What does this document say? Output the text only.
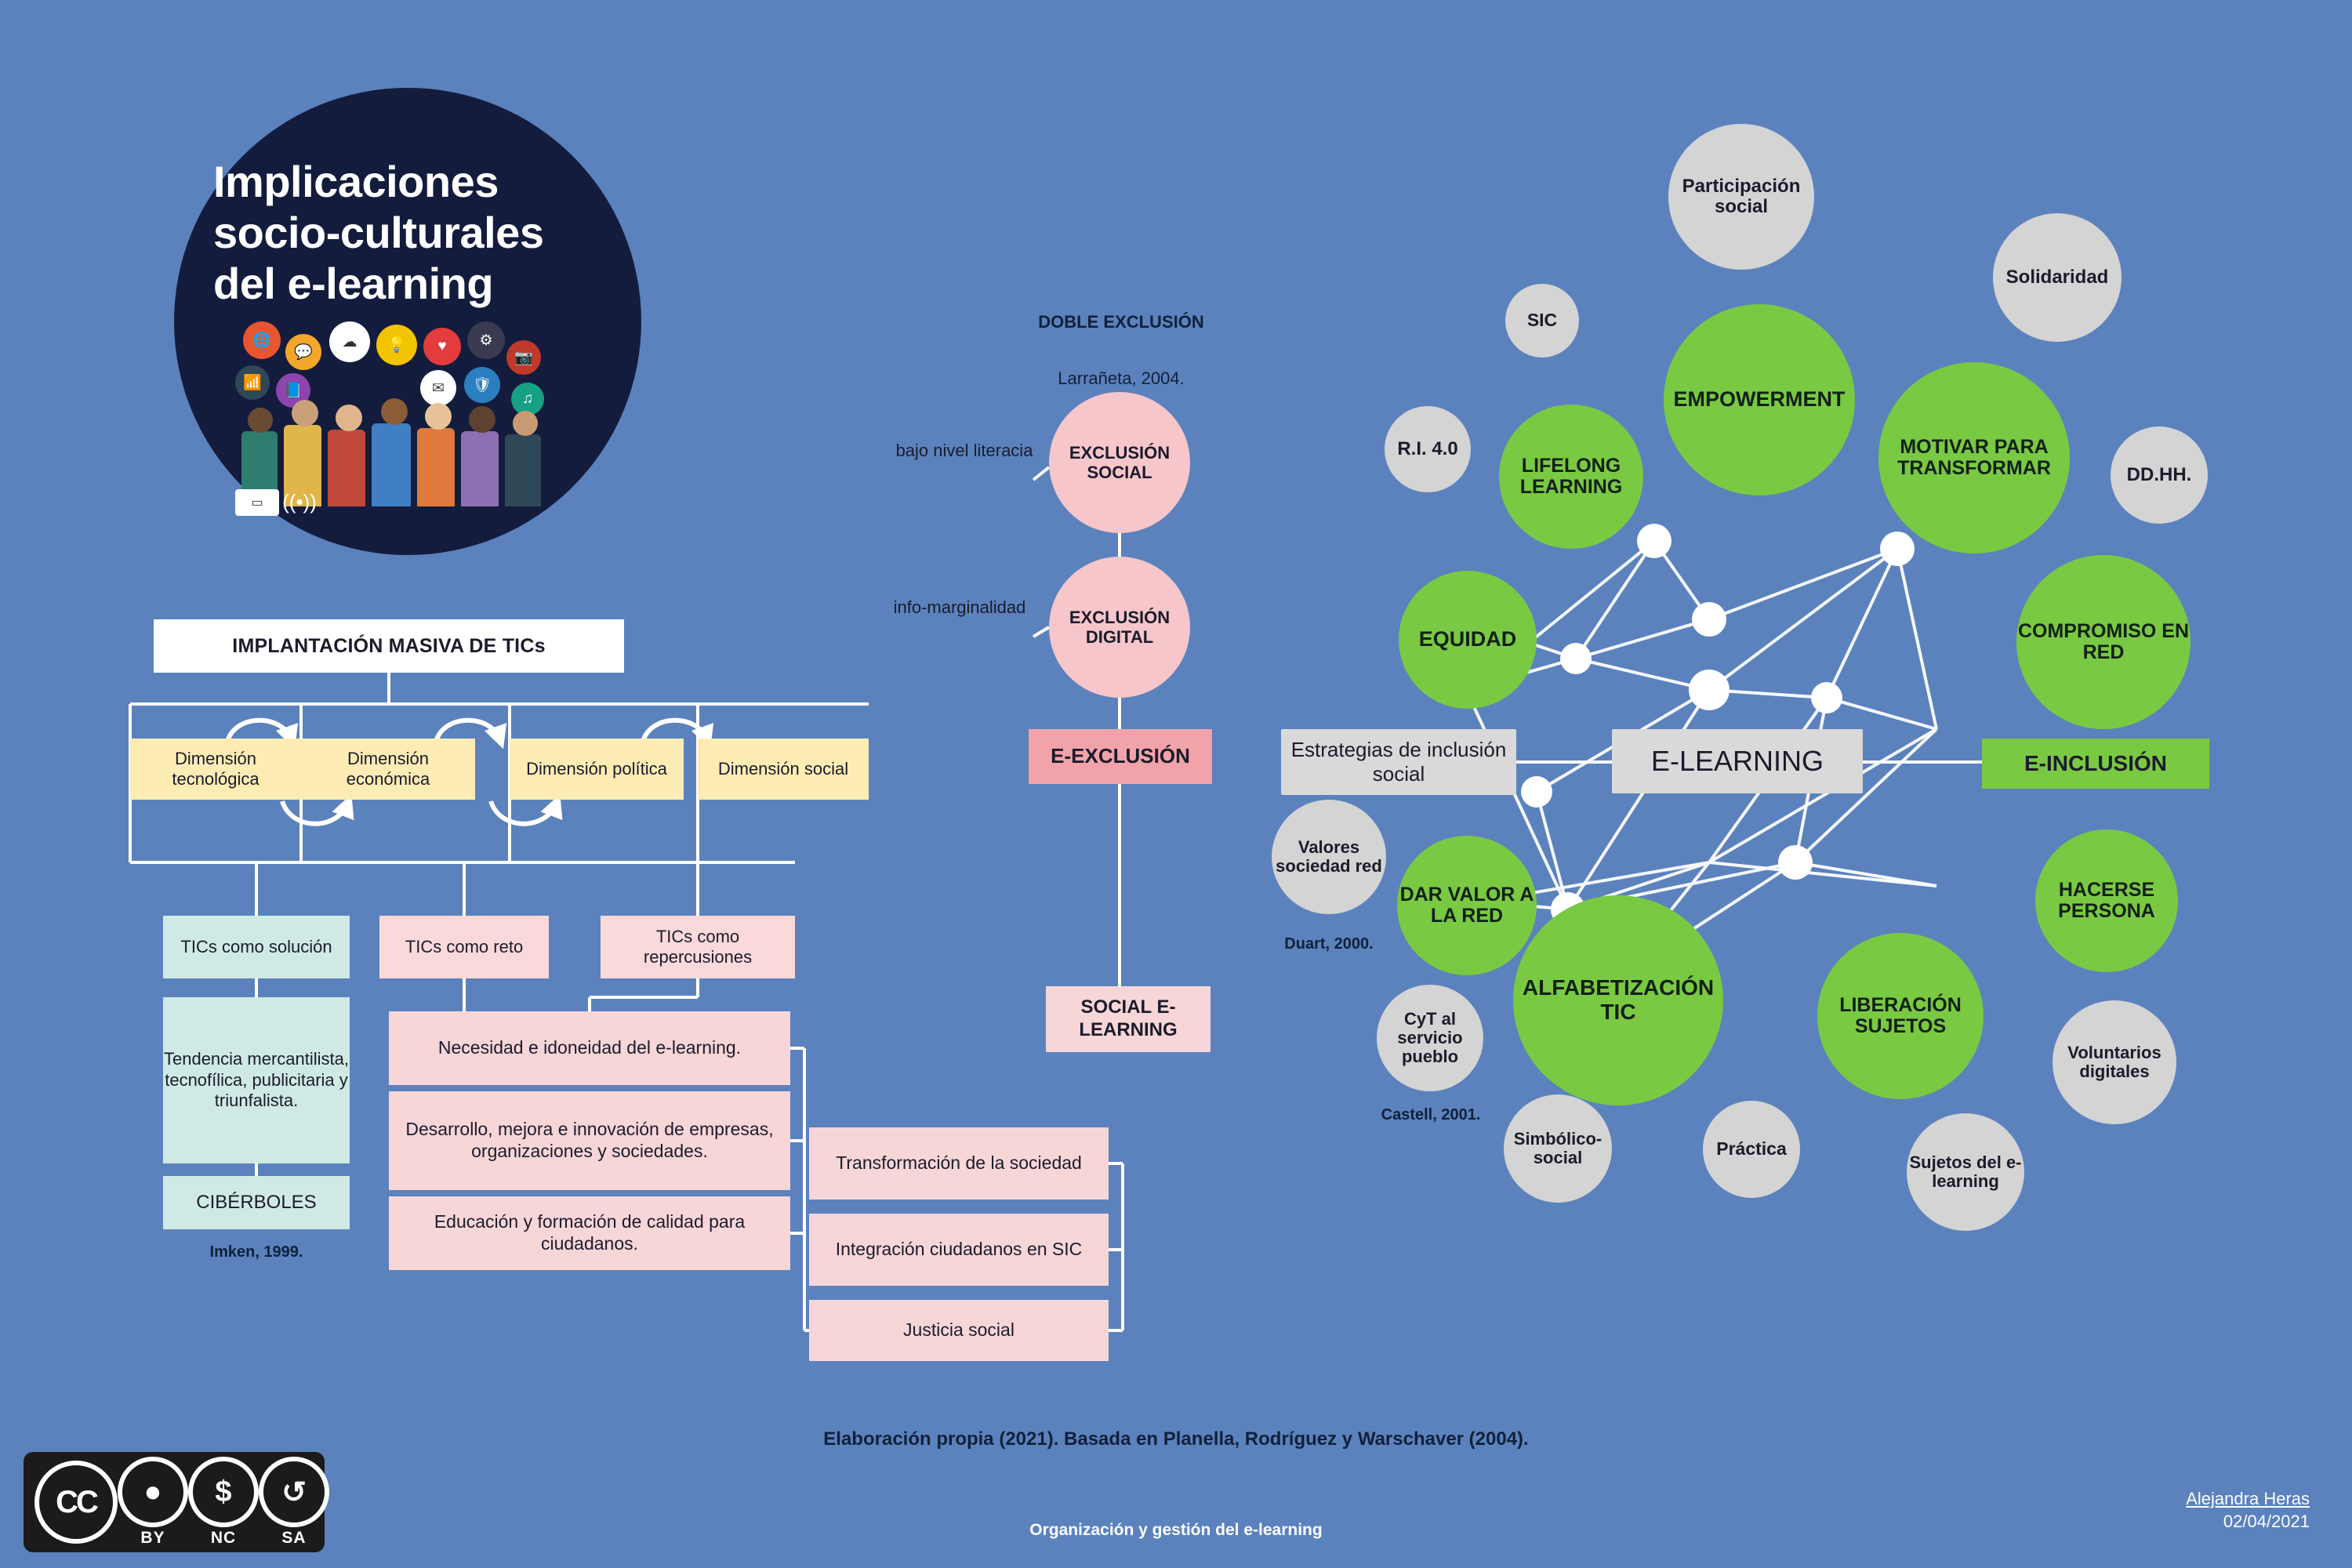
Implicaciones
socio-culturales
del e-learning
🌐
💬
☁	💡	♥	⚙
📶	📘	✉	🛡
📷
♫
▭ ((•))
IMPLANTACIÓN MASIVA DE TICs
Dimensión tecnológica
Dimensión económica
Dimensión política	Dimensión social
TICs como solución	TICs como reto
TICs como repercusiones
Tendencia mercantilista, tecnofílica, publicitaria y triunfalista.
CIBÉRBOLES
Imken, 1999.
Necesidad e idoneidad del e-learning.
Desarrollo, mejora e innovación de empresas, organizaciones y sociedades.
Educación y formación de calidad para ciudadanos.
Transformación de la sociedad
Integración ciudadanos en SIC
Justicia social
DOBLE EXCLUSIÓN
Larrañeta, 2004.
bajo nivel literacia
info-marginalidad
EXCLUSIÓN SOCIAL
EXCLUSIÓN DIGITAL
E-EXCLUSIÓN
SOCIAL E-LEARNING
Estrategias de inclusión social	E-LEARNING	E-INCLUSIÓN
EMPOWERMENT
LIFELONG LEARNING
MOTIVAR PARA TRANSFORMAR
EQUIDAD	COMPROMISO EN RED
DAR VALOR A LA RED
HACERSE PERSONA
ALFABETIZACIÓN TIC	LIBERACIÓN SUJETOS
Participación social
Solidaridad
SIC
R.I. 4.0
DD.HH.
Valores sociedad red
CyT al servicio pueblo
Simbólico-social	Práctica
Sujetos del e-learning
Voluntarios digitales
Duart, 2000.
Castell, 2001.
Elaboración propia (2021). Basada en Planella, Rodríguez y Warschaver (2004).
Organización y gestión del e-learning
Alejandra Heras
02/04/2021
CC	●
BY
$
NC
↺
SA
